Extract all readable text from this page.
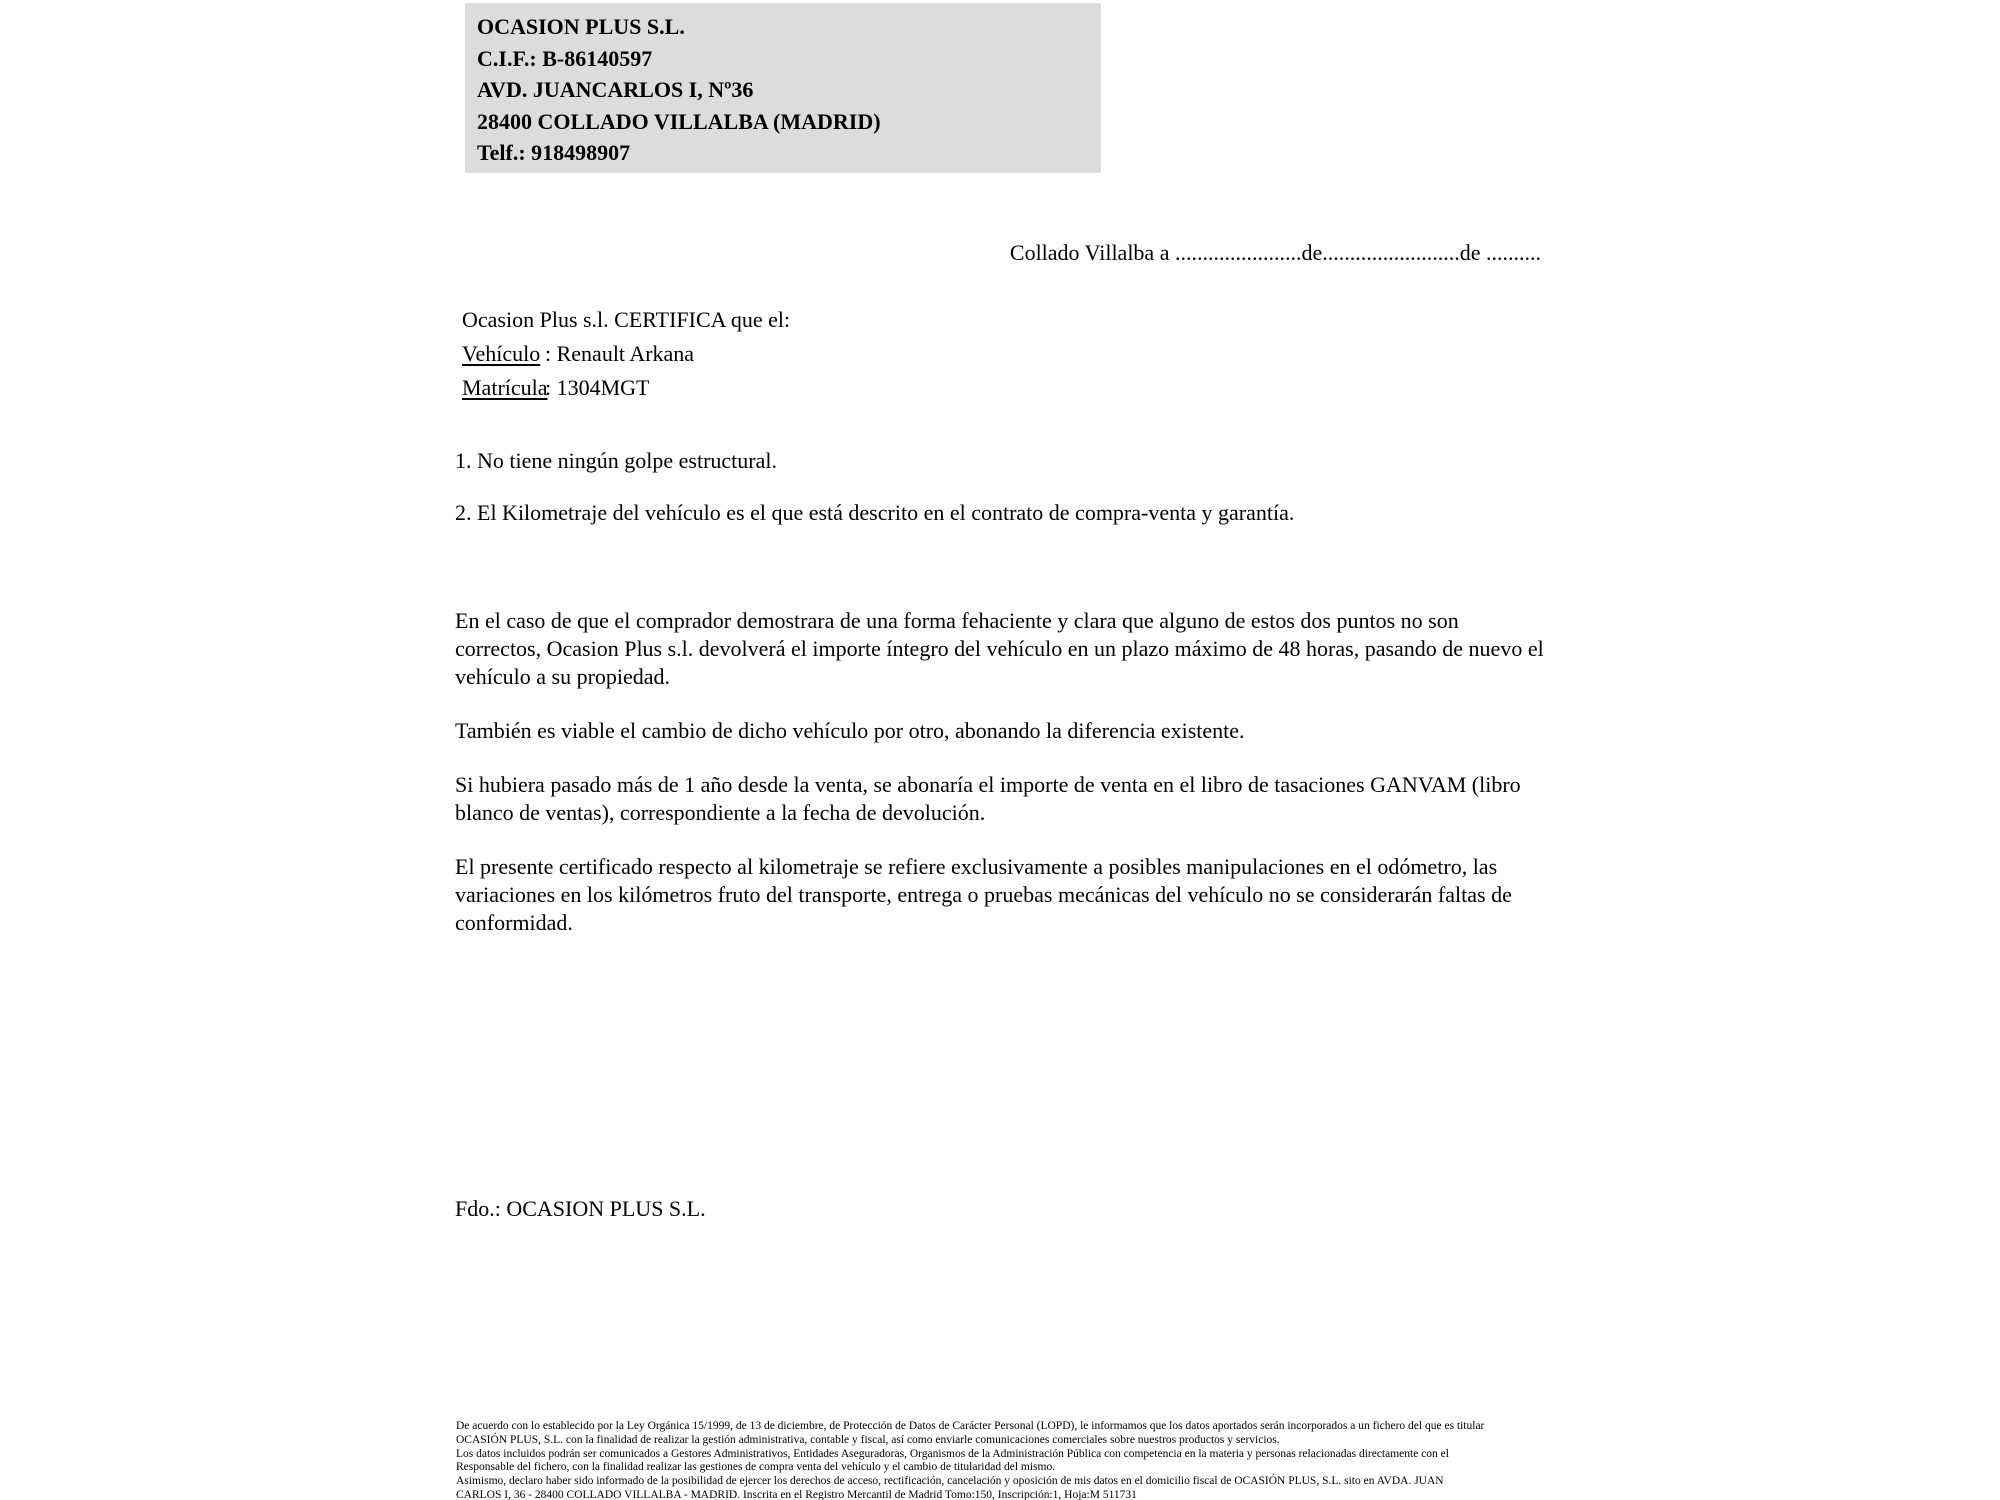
OCASION PLUS S.L.
C.I.F.: B-86140597
AVD. JUANCARLOS I, Nº36
28400 COLLADO VILLALBA (MADRID)
Telf.: 918498907
Collado Villalba a .......................de.........................de ..........
Ocasion Plus s.l. CERTIFICA que el:
Vehículo : Renault Arkana
Matrícula: 1304MGT
1. No tiene ningún golpe estructural.
2. El Kilometraje del vehículo es el que está descrito en el contrato de compra-venta y garantía.

En el caso de que el comprador demostrara de una forma fehaciente y clara que alguno de estos dos puntos no son correctos, Ocasion Plus s.l. devolverá el importe íntegro del vehículo en un plazo máximo de 48 horas, pasando de nuevo el vehículo a su propiedad.

También es viable el cambio de dicho vehículo por otro, abonando la diferencia existente.

Si hubiera pasado más de 1 año desde la venta, se abonaría el importe de venta en el libro de tasaciones GANVAM (libro blanco de ventas), correspondiente a la fecha de devolución.

El presente certificado respecto al kilometraje se refiere exclusivamente a posibles manipulaciones en el odómetro, las variaciones en los kilómetros fruto del transporte, entrega o pruebas mecánicas del vehículo no se considerarán faltas de conformidad.

Fdo.: OCASION PLUS S.L.
De acuerdo con lo establecido por la Ley Orgánica 15/1999, de 13 de diciembre, de Protección de Datos de Carácter Personal (LOPD), le informamos que los datos aportados serán incorporados a un fichero del que es titular
OCASIÓN PLUS, S.L. con la finalidad de realizar la gestión administrativa, contable y fiscal, así como enviarle comunicaciones comerciales sobre nuestros productos y servicios.
Los datos incluidos podrán ser comunicados a Gestores Administrativos, Entidades Aseguradoras, Organismos de la Administración Pública con competencia en la materia y personas relacionadas directamente con el
Responsable del fichero, con la finalidad realizar las gestiones de compra venta del vehículo y el cambio de titularidad del mismo.
Asimismo, declaro haber sido informado de la posibilidad de ejercer los derechos de acceso, rectificación, cancelación y oposición de mis datos en el domicilio fiscal de OCASIÓN PLUS, S.L. sito en AVDA. JUAN
CARLOS I, 36 - 28400 COLLADO VILLALBA - MADRID. Inscrita en el Registro Mercantil de Madrid Tomo:150, Inscripción:1, Hoja:M 511731
